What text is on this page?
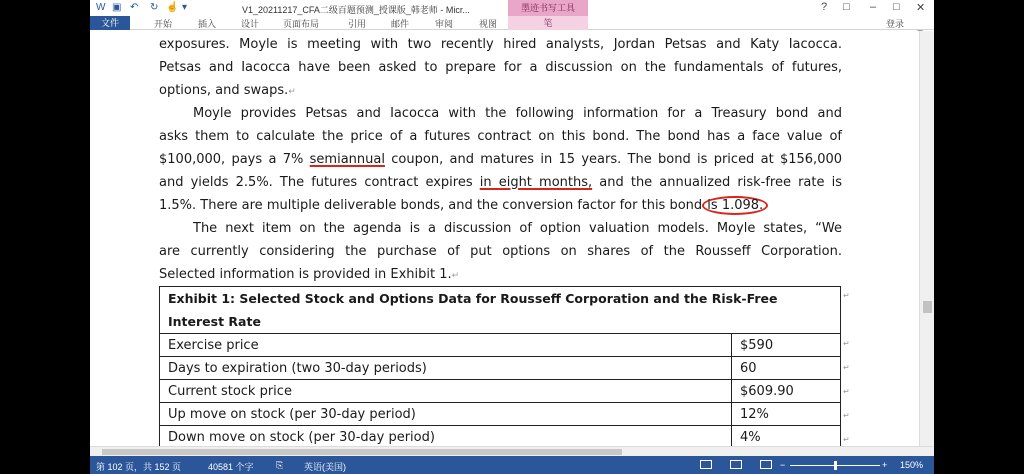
W ▣ ↶ ↻ ☝ ▾	V1_20211217_CFA二级百题预测_授课版_韩老师 - Micr...	墨迹书写工具	? □ – □ ✕
文件	开始	插入	设计	页面布局	引用	邮件	审阅	视图	笔	登录
exposures. Moyle is meeting with two recently hired analysts, Jordan Petsas and Katy Iacocca.
Petsas and Iacocca have been asked to prepare for a discussion on the fundamentals of futures,
options, and swaps.↵
Moyle provides Petsas and Iacocca with the following information for a Treasury bond and
asks them to calculate the price of a futures contract on this bond. The bond has a face value of
$100,000, pays a 7% semiannual coupon, and matures in 15 years. The bond is priced at $156,000
and yields 2.5%. The futures contract expires in eight months, and the annualized risk-free rate is
1.5%. There are multiple deliverable bonds, and the conversion factor for this bond is 1.098.
The next item on the agenda is a discussion of option valuation models. Moyle states, “We
are currently considering the purchase of put options on shares of the Rousseff Corporation.
Selected information is provided in Exhibit 1.↵
Exhibit 1: Selected Stock and Options Data for Rousseff Corporation and the Risk-Free Interest Rate	
Exercise price	$590
Days to expiration (two 30-day periods)	60
Current stock price	$609.90
Up move on stock (per 30-day period)	12%
Down move on stock (per 30-day period)	4%
↵
↵
↵
↵
↵
↵
第 102 页，共 152 页	40581 个字 ⎘ 英语(美国)	−	+ 150%
